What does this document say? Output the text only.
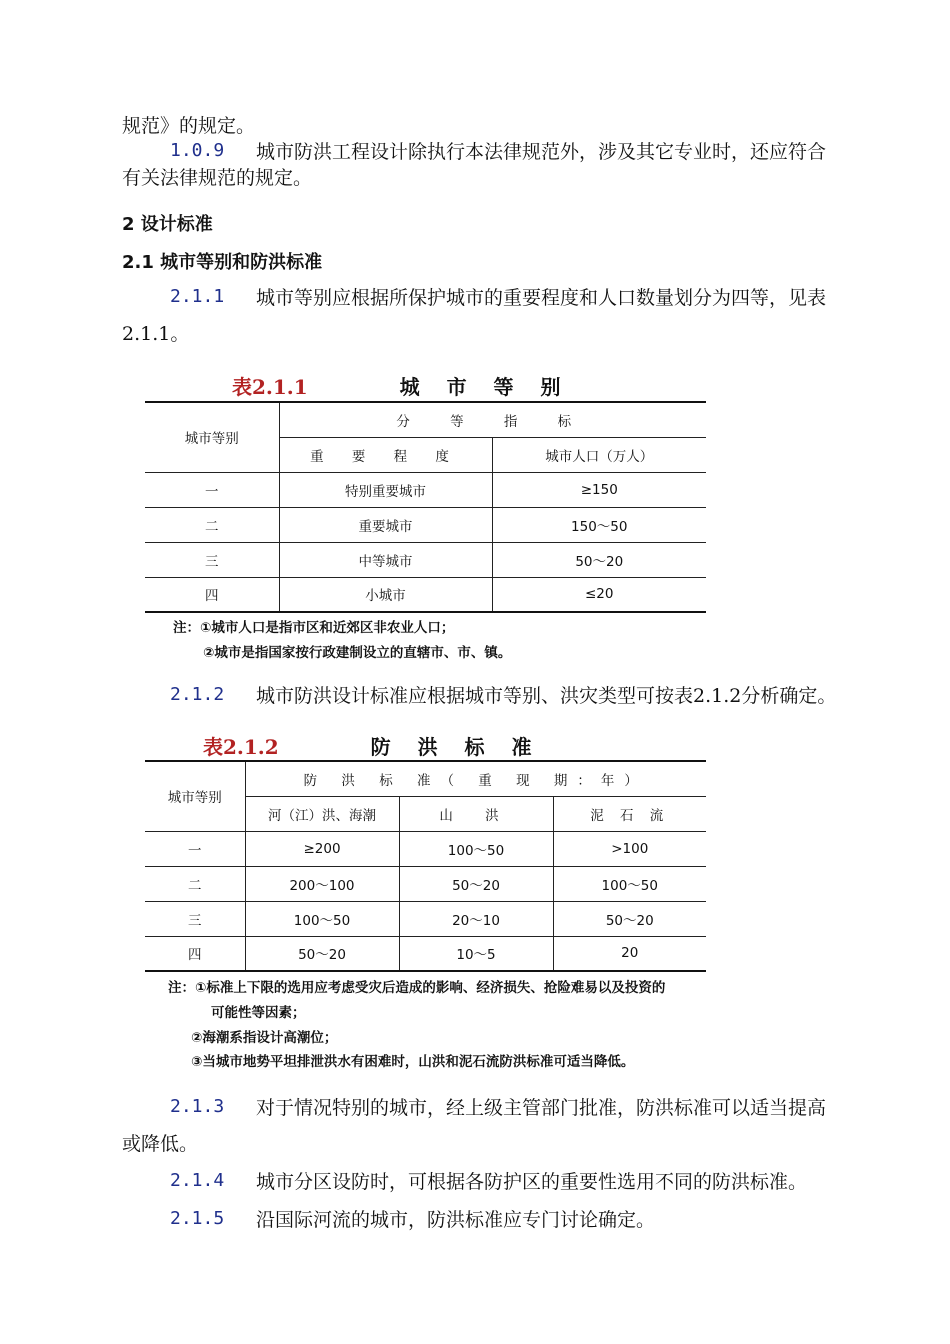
规范》的规定。
1.0.9 城市防洪工程设计除执行本法律规范外，涉及其它专业时，还应符合
有关法律规范的规定。
2 设计标准
2.1 城市等别和防洪标准
2.1.1 城市等别应根据所保护城市的重要程度和人口数量划分为四等，见表
2.1.1。
表2.1.1	城 市 等 别
城市等别	分 等 指 标	
	重 要 程 度	城市人口（万人）
一	特别重要城市	≥150
二	重要城市	150～50
三	中等城市	50～20
四	小城市	≤20
注：①城市人口是指市区和近郊区非农业人口；
②城市是指国家按行政建制设立的直辖市、市、镇。
2.1.2 城市防洪设计标准应根据城市等别、洪灾类型可按表2.1.2分析确定。
表2.1.2	防 洪 标 准
城市等别	防 洪 标 准（ 重 现 期：年）		
	河（江）洪、海潮	山 洪	泥 石 流
一	≥200	100～50	>100
二	200～100	50～20	100～50
三	100～50	20～10	50～20
四	50～20	10～5	20
注：①标准上下限的选用应考虑受灾后造成的影响、经济损失、抢险难易以及投资的
可能性等因素；
②海潮系指设计高潮位；
③当城市地势平坦排泄洪水有困难时，山洪和泥石流防洪标准可适当降低。
2.1.3 对于情况特别的城市，经上级主管部门批准，防洪标准可以适当提高
或降低。
2.1.4 城市分区设防时，可根据各防护区的重要性选用不同的防洪标准。
2.1.5 沿国际河流的城市，防洪标准应专门讨论确定。
